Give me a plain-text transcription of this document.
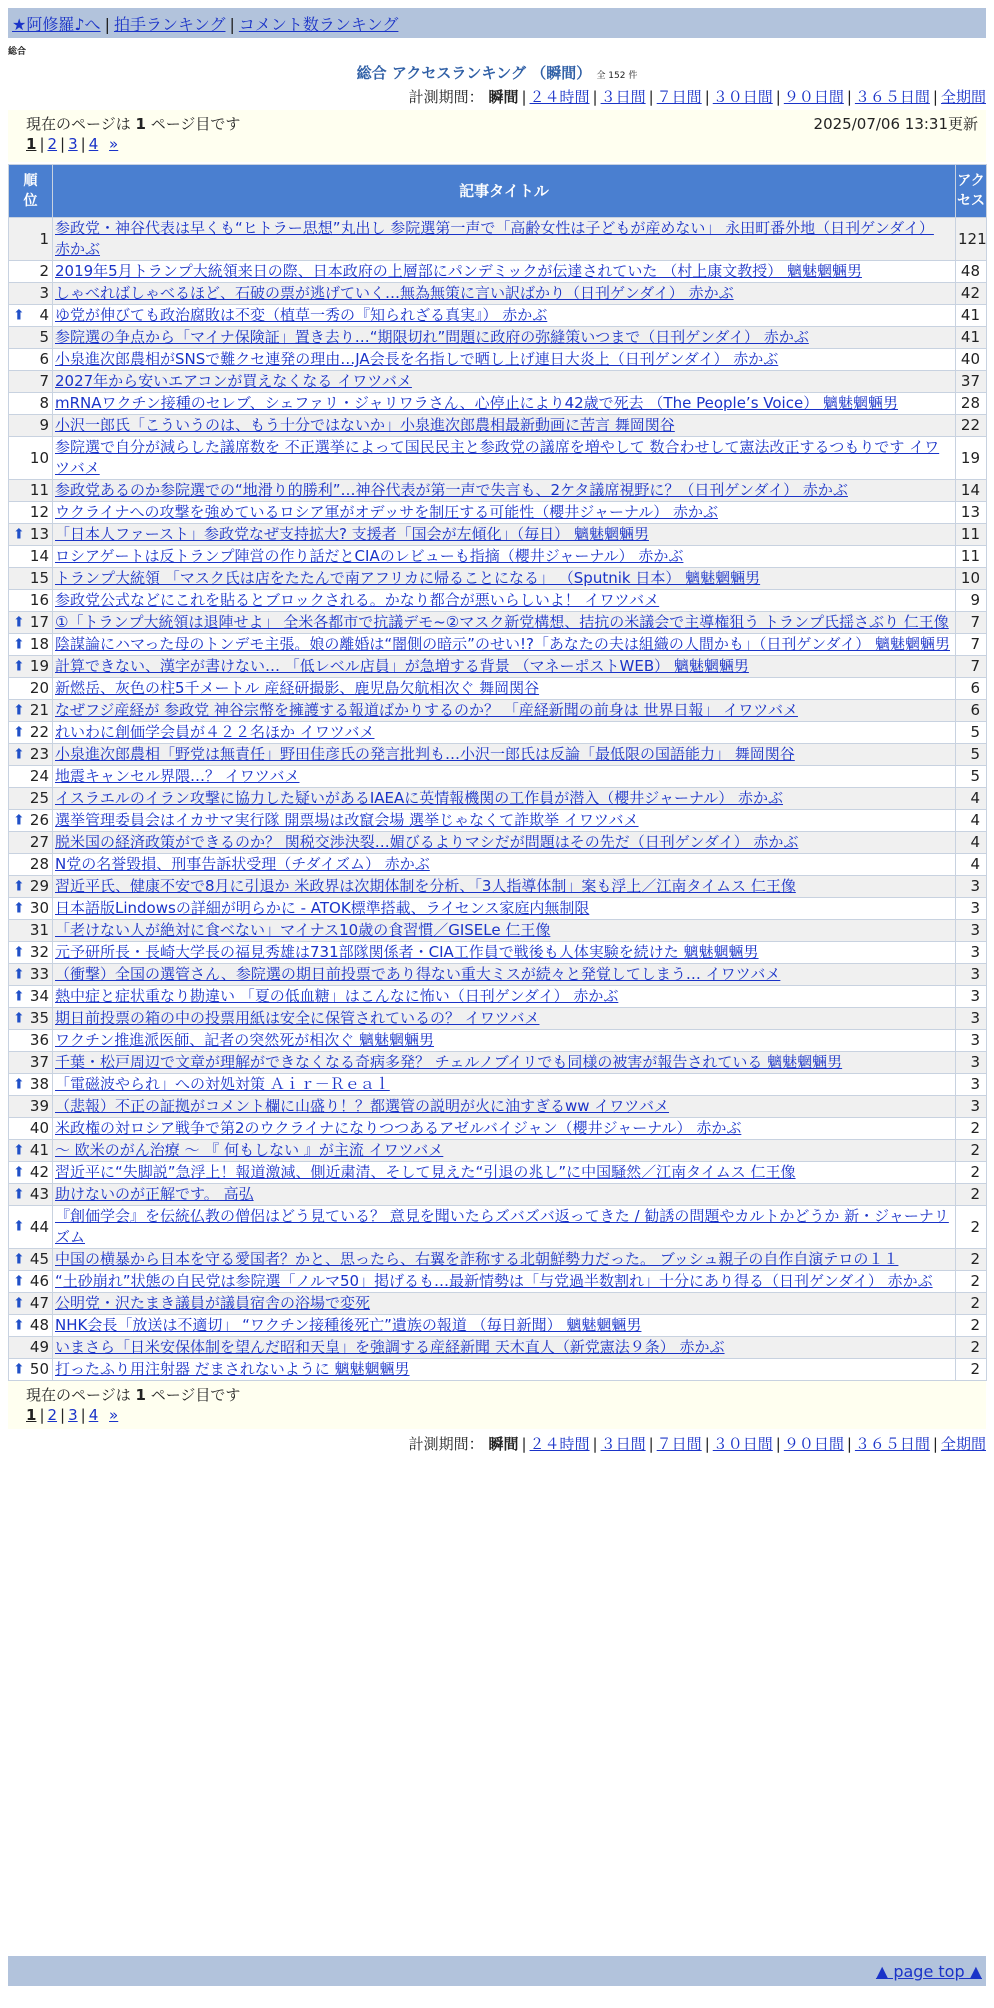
★阿修羅♪へ | 拍手ランキング | コメント数ランキング
総合
総合 アクセスランキング （瞬間） 全 152 件
計測期間： 瞬間 | ２４時間 | ３日間 | ７日間 | ３０日間 | ９０日間 | ３６５日間 | 全期間
現在のページは 1 ページ目です	2025/07/06 13:31更新
1 | 2 | 3 | 4 »
順位	記事タイトル	アクセス
1	参政党・神谷代表は早くも“ヒトラー思想”丸出し 参院選第一声で「高齢女性は子どもが産めない」 永田町番外地（日刊ゲンダイ） 赤かぶ	121
2	2019年5月トランプ大統領来日の際、日本政府の上層部にパンデミックが伝達されていた （村上康文教授） 魑魅魍魎男	48
3	しゃべればしゃべるほど、石破の票が逃げていく…無為無策に言い訳ばかり（日刊ゲンダイ） 赤かぶ	42

⬆ 4	ゆ党が伸びても政治腐敗は不変（植草一秀の『知られざる真実』） 赤かぶ	41
5	参院選の争点から「マイナ保険証」置き去り…“期限切れ”問題に政府の弥縫策いつまで（日刊ゲンダイ） 赤かぶ	41
6	小泉進次郎農相がSNSで難クセ連発の理由…JA会長を名指しで晒し上げ連日大炎上（日刊ゲンダイ） 赤かぶ	40
7	2027年から安いエアコンが買えなくなる イワツバメ	37
8	mRNAワクチン接種のセレブ、シェファリ・ジャリワラさん、心停止により42歳で死去 （The People’s Voice） 魑魅魍魎男	28
9	小沢一郎氏「こういうのは、もう十分ではないか」小泉進次郎農相最新動画に苦言 舞岡関谷	22
10	参院選で自分が減らした議席数を 不正選挙によって国民民主と参政党の議席を増やして 数合わせして憲法改正するつもりです イワツバメ	19
11	参政党あるのか参院選での“地滑り的勝利”…神谷代表が第一声で失言も、2ケタ議席視野に？（日刊ゲンダイ） 赤かぶ	14
12	ウクライナへの攻撃を強めているロシア軍がオデッサを制圧する可能性（櫻井ジャーナル） 赤かぶ	13

⬆ 13	「日本人ファースト」参政党なぜ支持拡大? 支援者「国会が左傾化」（毎日） 魑魅魍魎男	11
14	ロシアゲートは反トランプ陣営の作り話だとCIAのレビューも指摘（櫻井ジャーナル） 赤かぶ	11
15	トランプ大統領 「マスク氏は店をたたんで南アフリカに帰ることになる」 （Sputnik 日本） 魑魅魍魎男	10
16	参政党公式などにこれを貼るとブロックされる。かなり都合が悪いらしいよ！ イワツバメ	9

⬆ 17	①「トランプ大統領は退陣せよ」 全米各都市で抗議デモ~②マスク新党構想、拮抗の米議会で主導権狙う トランプ氏揺さぶり 仁王像	7

⬆ 18	陰謀論にハマった母のトンデモ主張。娘の離婚は“闇側の暗示”のせい!?「あなたの夫は組織の人間かも」（日刊ゲンダイ） 魑魅魍魎男	7

⬆ 19	計算できない、漢字が書けない… 「低レベル店員」が急増する背景 （マネーポストWEB） 魑魅魍魎男	7
20	新燃岳、灰色の柱5千メートル 産経研撮影、鹿児島欠航相次ぐ 舞岡関谷	6

⬆ 21	なぜフジ産経が 参政党 神谷宗幣を擁護する報道ばかりするのか？ 「産経新聞の前身は 世界日報」 イワツバメ	6

⬆ 22	れいわに創価学会員が４２２名ほか イワツバメ	5

⬆ 23	小泉進次郎農相「野党は無責任」野田佳彦氏の発言批判も…小沢一郎氏は反論「最低限の国語能力」 舞岡関谷	5
24	地震キャンセル界隈…？ イワツバメ	5
25	イスラエルのイラン攻撃に協力した疑いがあるIAEAに英情報機関の工作員が潜入（櫻井ジャーナル） 赤かぶ	4

⬆ 26	選挙管理委員会はイカサマ実行隊 開票場は改竄会場 選挙じゃなくて詐欺挙 イワツバメ	4
27	脱米国の経済政策ができるのか？ 関税交渉決裂…媚びるよりマシだが問題はその先だ（日刊ゲンダイ） 赤かぶ	4
28	N党の名誉毀損、刑事告訴状受理（チダイズム） 赤かぶ	4

⬆ 29	習近平氏、健康不安で8月に引退か 米政界は次期体制を分析、「3人指導体制」案も浮上／江南タイムス 仁王像	3

⬆ 30	日本語版Lindowsの詳細が明らかに - ATOK標準搭載、ライセンス家庭内無制限	3
31	「老けない人が絶対に食べない」マイナス10歳の食習慣／GISELe 仁王像	3

⬆ 32	元予研所長・長崎大学長の福見秀雄は731部隊関係者・CIA工作員で戦後も人体実験を続けた 魑魅魍魎男	3

⬆ 33	（衝撃）全国の選管さん、参院選の期日前投票であり得ない重大ミスが続々と発覚してしまう… イワツバメ	3

⬆ 34	熱中症と症状重なり勘違い 「夏の低血糖」はこんなに怖い（日刊ゲンダイ） 赤かぶ	3

⬆ 35	期日前投票の箱の中の投票用紙は安全に保管されているの？ イワツバメ	3
36	ワクチン推進派医師、記者の突然死が相次ぐ 魑魅魍魎男	3
37	千葉・松戸周辺で文章が理解ができなくなる奇病多発？ チェルノブイリでも同様の被害が報告されている 魑魅魍魎男	3

⬆ 38	「電磁波やられ」への対処対策 Ａｉｒ－Ｒｅａｌ	3
39	（悲報）不正の証拠がコメント欄に山盛り！？都選管の説明が火に油すぎるww イワツバメ	3
40	米政権の対ロシア戦争で第2のウクライナになりつつあるアゼルバイジャン（櫻井ジャーナル） 赤かぶ	2

⬆ 41	～ 欧米のがん治療 ～ 『 何もしない 』が主流 イワツバメ	2

⬆ 42	習近平に“失脚説”急浮上！報道激減、側近粛清、そして見えた“引退の兆し”に中国騒然／江南タイムス 仁王像	2

⬆ 43	助けないのが正解です。 高弘	2

⬆ 44	『創価学会』を伝統仏教の僧侶はどう見ている？ 意見を聞いたらズバズバ返ってきた / 勧誘の問題やカルトかどうか 新・ジャーナリズム	2

⬆ 45	中国の横暴から日本を守る愛国者？かと、思ったら、右翼を詐称する北朝鮮勢力だった。 ブッシュ親子の自作自演テロの１１	2

⬆ 46	“土砂崩れ”状態の自民党は参院選「ノルマ50」掲げるも…最新情勢は「与党過半数割れ」十分にあり得る（日刊ゲンダイ） 赤かぶ	2

⬆ 47	公明党・沢たまき議員が議員宿舎の浴場で変死	2

⬆ 48	NHK会長「放送は不適切」 “ワクチン接種後死亡”遺族の報道 （毎日新聞） 魑魅魍魎男	2
49	いまさら「日米安保体制を望んだ昭和天皇」を強調する産経新聞 天木直人（新党憲法９条） 赤かぶ	2

⬆ 50	打ったふり用注射器 だまされないように 魑魅魍魎男	2
現在のページは 1 ページ目です
1 | 2 | 3 | 4 »
計測期間： 瞬間 | ２４時間 | ３日間 | ７日間 | ３０日間 | ９０日間 | ３６５日間 | 全期間
▲ page top ▲
